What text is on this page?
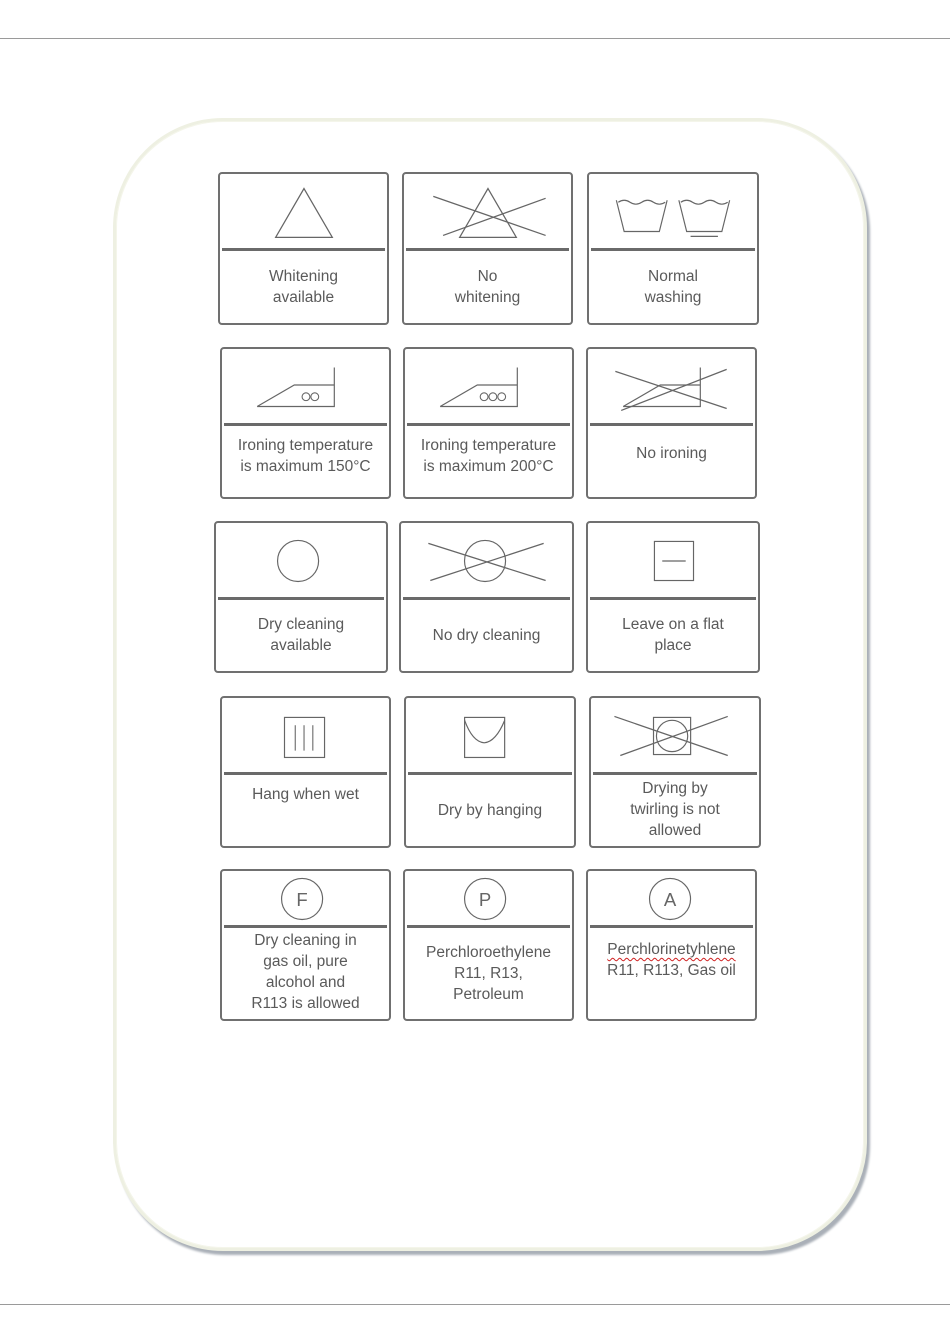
Whitening
available
No
whitening
Normal
washing
Ironing temperature
is maximum 150°C
Ironing temperature
is maximum 200°C
No ironing
Dry cleaning
available
No dry cleaning
Leave on a flat
place
Hang when wet
Dry by hanging
Drying by
twirling is not
allowed
F
Dry cleaning in
gas oil, pure
alcohol and
R113 is allowed
P
Perchloroethylene
R11, R13,
Petroleum
A
Perchlorinetyhlene
R11, R113, Gas oil
